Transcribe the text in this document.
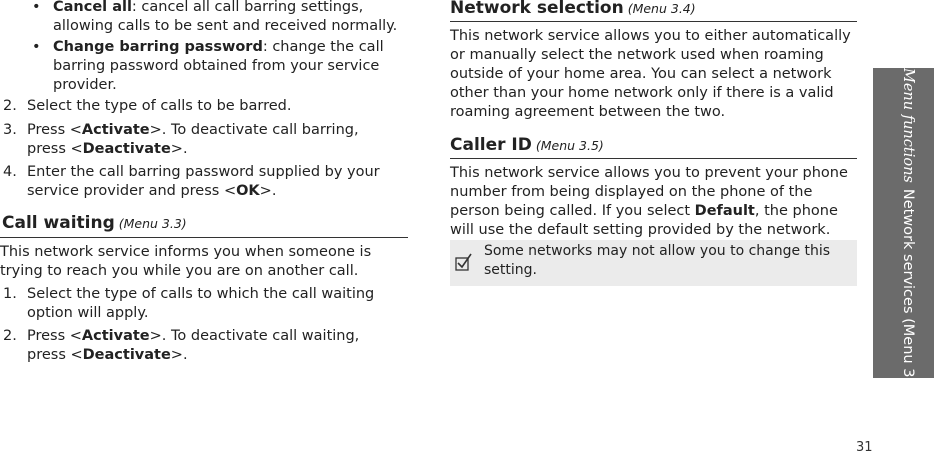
• Cancel all: cancel all call barring settings,
allowing calls to be sent and received normally.
• Change barring password: change the call
barring password obtained from your service
provider.
2. Select the type of calls to be barred.
3. Press <Activate>. To deactivate call barring,
press <Deactivate>.
4. Enter the call barring password supplied by your
service provider and press <OK>.
Call waiting (Menu 3.3)
This network service informs you when someone is
trying to reach you while you are on another call.
1. Select the type of calls to which the call waiting
option will apply.
2. Press <Activate>. To deactivate call waiting,
press <Deactivate>.
Network selection (Menu 3.4)
This network service allows you to either automatically
or manually select the network used when roaming
outside of your home area. You can select a network
other than your home network only if there is a valid
roaming agreement between the two.
Caller ID (Menu 3.5)
This network service allows you to prevent your phone
number from being displayed on the phone of the
person being called. If you select Default, the phone
will use the default setting provided by the network.
Some networks may not allow you to change this
setting.
Menu functionsNetwork services (Menu 3)
31
